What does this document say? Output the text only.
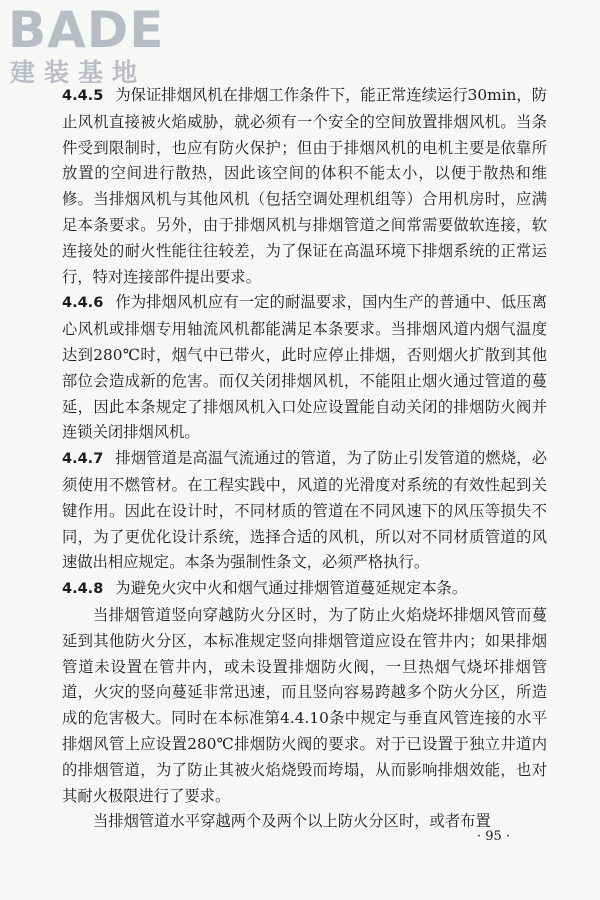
BADE
建装基地

4.4.5 为保证排烟风机在排烟工作条件下，能正常连续运行30min，防止风机直接被火焰威胁，就必须有一个安全的空间放置排烟风机。当条件受到限制时，也应有防火保护；但由于排烟风机的电机主要是依靠所放置的空间进行散热，因此该空间的体积不能太小，以便于散热和维修。当排烟风机与其他风机（包括空调处理机组等）合用机房时，应满足本条要求。另外，由于排烟风机与排烟管道之间常需要做软连接，软连接处的耐火性能往往较差，为了保证在高温环境下排烟系统的正常运行，特对连接部件提出要求。

4.4.6 作为排烟风机应有一定的耐温要求，国内生产的普通中、低压离心风机或排烟专用轴流风机都能满足本条要求。当排烟风道内烟气温度达到280℃时，烟气中已带火，此时应停止排烟，否则烟火扩散到其他部位会造成新的危害。而仅关闭排烟风机，不能阻止烟火通过管道的蔓延，因此本条规定了排烟风机入口处应设置能自动关闭的排烟防火阀并连锁关闭排烟风机。

4.4.7 排烟管道是高温气流通过的管道，为了防止引发管道的燃烧，必须使用不燃管材。在工程实践中，风道的光滑度对系统的有效性起到关键作用。因此在设计时，不同材质的管道在不同风速下的风压等损失不同，为了更优化设计系统，选择合适的风机，所以对不同材质管道的风速做出相应规定。本条为强制性条文，必须严格执行。

4.4.8 为避免火灾中火和烟气通过排烟管道蔓延规定本条。

当排烟管道竖向穿越防火分区时，为了防止火焰烧坏排烟风管而蔓延到其他防火分区，本标准规定竖向排烟管道应设在管井内；如果排烟管道未设置在管井内，或未设置排烟防火阀，一旦热烟气烧坏排烟管道，火灾的竖向蔓延非常迅速，而且竖向容易跨越多个防火分区，所造成的危害极大。同时在本标准第4.4.10条中规定与垂直风管连接的水平排烟风管上应设置280℃排烟防火阀的要求。对于已设置于独立井道内的排烟管道，为了防止其被火焰烧毁而垮塌，从而影响排烟效能，也对其耐火极限进行了要求。

当排烟管道水平穿越两个及两个以上防火分区时，或者布置

· 95 ·
